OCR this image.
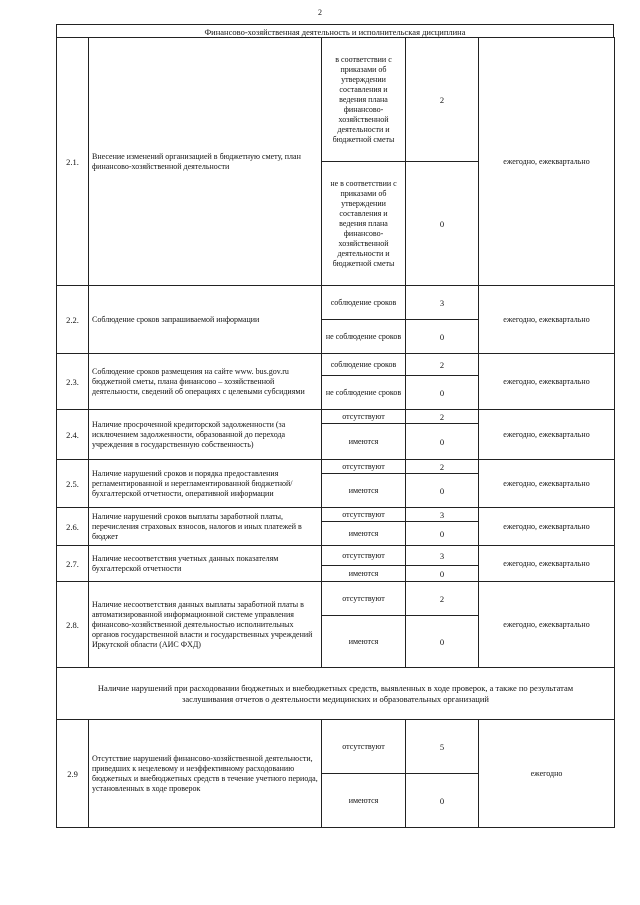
2
Финансово-хозяйственная деятельность и исполнительская дисциплина
2.1.	Внесение изменений организацией в бюджетную смету, план финансово-хозяйственной деятельности	в соответствии с приказами об утверждении составления и ведения плана финансово-хозяйственной деятельности и бюджетной сметы	2	ежегодно, ежеквартально
		не в соответствии с приказами об утверждении составления и ведения плана финансово-хозяйственной деятельности и бюджетной сметы	0	
2.2.	Соблюдение сроков запрашиваемой информации	соблюдение сроков	3	ежегодно, ежеквартально
		не соблюдение сроков	0	
2.3.	Соблюдение сроков размещения на сайте www. bus.gov.ru бюджетной сметы, плана финансово – хозяйственной деятельности, сведений об операциях с целевыми субсидиями	соблюдение сроков	2	ежегодно, ежеквартально
		не соблюдение сроков	0	
2.4.	Наличие просроченной кредиторской задолженности (за исключением задолженности, образованной до перехода учреждения в государственную собственность)	отсутствуют	2	ежегодно, ежеквартально
		имеются	0	
2.5.	Наличие нарушений сроков и порядка предоставления регламентированной и нерегламентированной бюджетной/бухгалтерской отчетности, оперативной информации	отсутствуют	2	ежегодно, ежеквартально
		имеются	0	
2.6.	Наличие нарушений сроков выплаты заработной платы, перечисления страховых взносов, налогов и иных платежей в бюджет	отсутствуют	3	ежегодно, ежеквартально
		имеются	0	
2.7.	Наличие несоответствия учетных данных показателям бухгалтерской отчетности	отсутствуют	3	ежегодно, ежеквартально
		имеются	0	
2.8.	Наличие несоответствия данных выплаты заработной платы в автоматизированной информационной системе управления финансово-хозяйственной деятельностью исполнительных органов государственной власти и государственных учреждений Иркутской области (АИС ФХД)	отсутствуют	2	ежегодно, ежеквартально
		имеются	0	
Наличие нарушений при расходовании бюджетных и внебюджетных средств, выявленных в ходе проверок, а также по результатам заслушивания отчетов о деятельности медицинских и образовательных организаций				
2.9	Отсутствие нарушений финансово-хозяйственной деятельности, приведших к нецелевому и неэффективному расходованию бюджетных и внебюджетных средств в течение учетного периода, установленных в ходе проверок	отсутствуют	5	ежегодно
		имеются	0	
